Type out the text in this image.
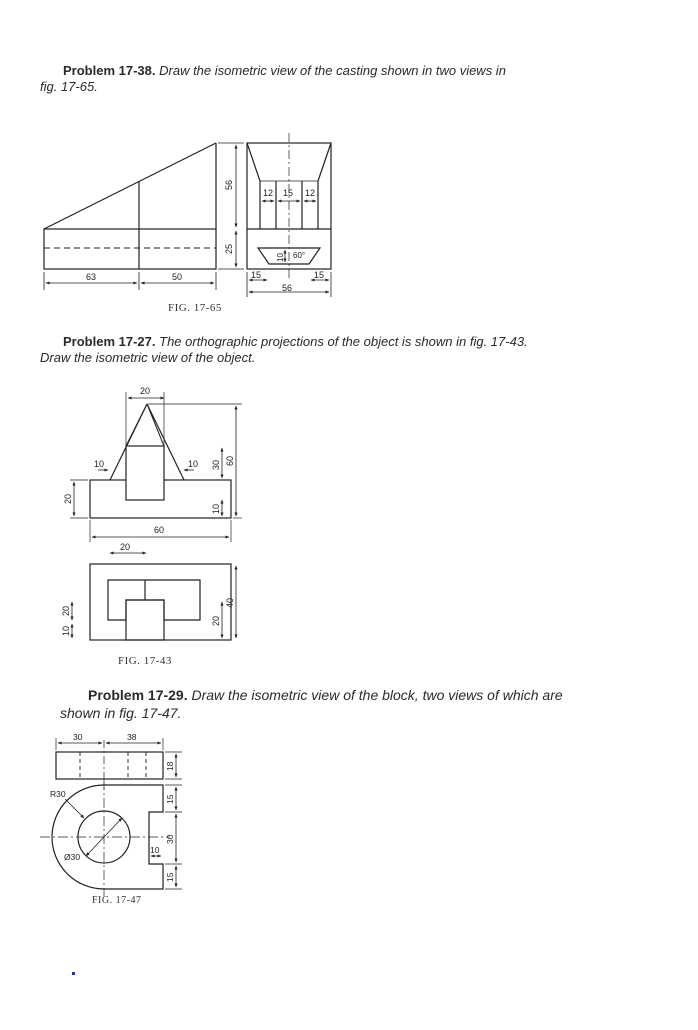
Problem 17-38. Draw the isometric view of the casting shown in two views in
fig. 17-65.
Problem 17-27. The orthographic projections of the object is shown in fig. 17-43.
Draw the isometric view of the object.
Problem 17-29. Draw the isometric view of the block, two views of which are
shown in fig. 17-47.
FIG. 17-65
FIG. 17-43
FIG. 17-47
56
25
63	50
12 15 12
10 60°
15
56
15
20
10	10 30 60
20
10
60
20
20
10
20
40
30	38
18
R30
15
30
10
Ø30
15
